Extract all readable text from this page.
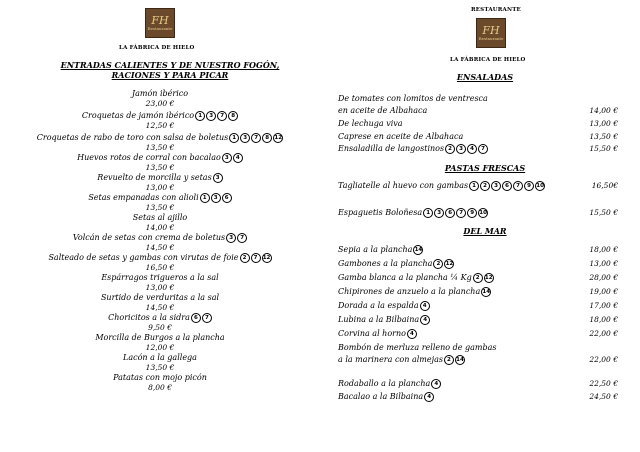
FH
Restaurante
LA FÁBRICA DE HIELO
ENTRADAS CALIENTES Y DE NUESTRO FOGÓN,
RACIONES Y PARA PICAR
Jamón ibérico
23,00 €
Croquetas de jamón ibérico 1 3 7 8
12,50 €
Croquetas de rabo de toro con salsa de boletus 1 3 7 8 12
13,50 €
Huevos rotos de corral con bacalao 3 4
13,50 €
Revuelto de morcilla y setas 3
13,00 €
Setas empanadas con alioli 1 3 6
13,50 €
Setas al ajillo
14,00 €
Volcán de setas con crema de boletus 3 7
14,50 €
Salteado de setas y gambas con virutas de foie 2 7 12
16,50 €
Espárragos trigueros a la sal
13,00 €
Surtido de verduritas a la sal
14,50 €
Choricitos a la sidra 6 7
9,50 €
Morcilla de Burgos a la plancha
12,00 €
Lacón a la gallega
13,50 €
Patatas con mojo picón
8,00 €
RESTAURANTE
FH
Restaurante
LA FÁBRICA DE HIELO
ENSALADAS
De tomates con lomitos de ventresca
en aceite de Albahaca	14,00 €
De lechuga viva	13,00 €
Caprese en aceite de Albahaca	13,50 €
Ensaladilla de langostinos 2 3 4 7	15,50 €
PASTAS FRESCAS
Tagliatelle al huevo con gambas 1 2 3 6 7 9 10	16,50€
Espaguetis Boloñesa 1 3 6 7 9 10	15,50 €
DEL MAR
Sepia a la plancha 14	18,00 €
Gambones a la plancha 2 12	13,00 €
Gamba blanca a la plancha ¼ Kg 2 12	28,00 €
Chipirones de anzuelo a la plancha 14	19,00 €
Dorada a la espalda 4	17,00 €
Lubina a la Bilbaina 4	18,00 €
Corvina al horno 4	22,00 €
Bombón de merluza relleno de gambas
a la marinera con almejas 2 14	22,00 €
Rodaballo a la plancha 4	22,50 €
Bacalao a la Bilbaina 4	24,50 €
